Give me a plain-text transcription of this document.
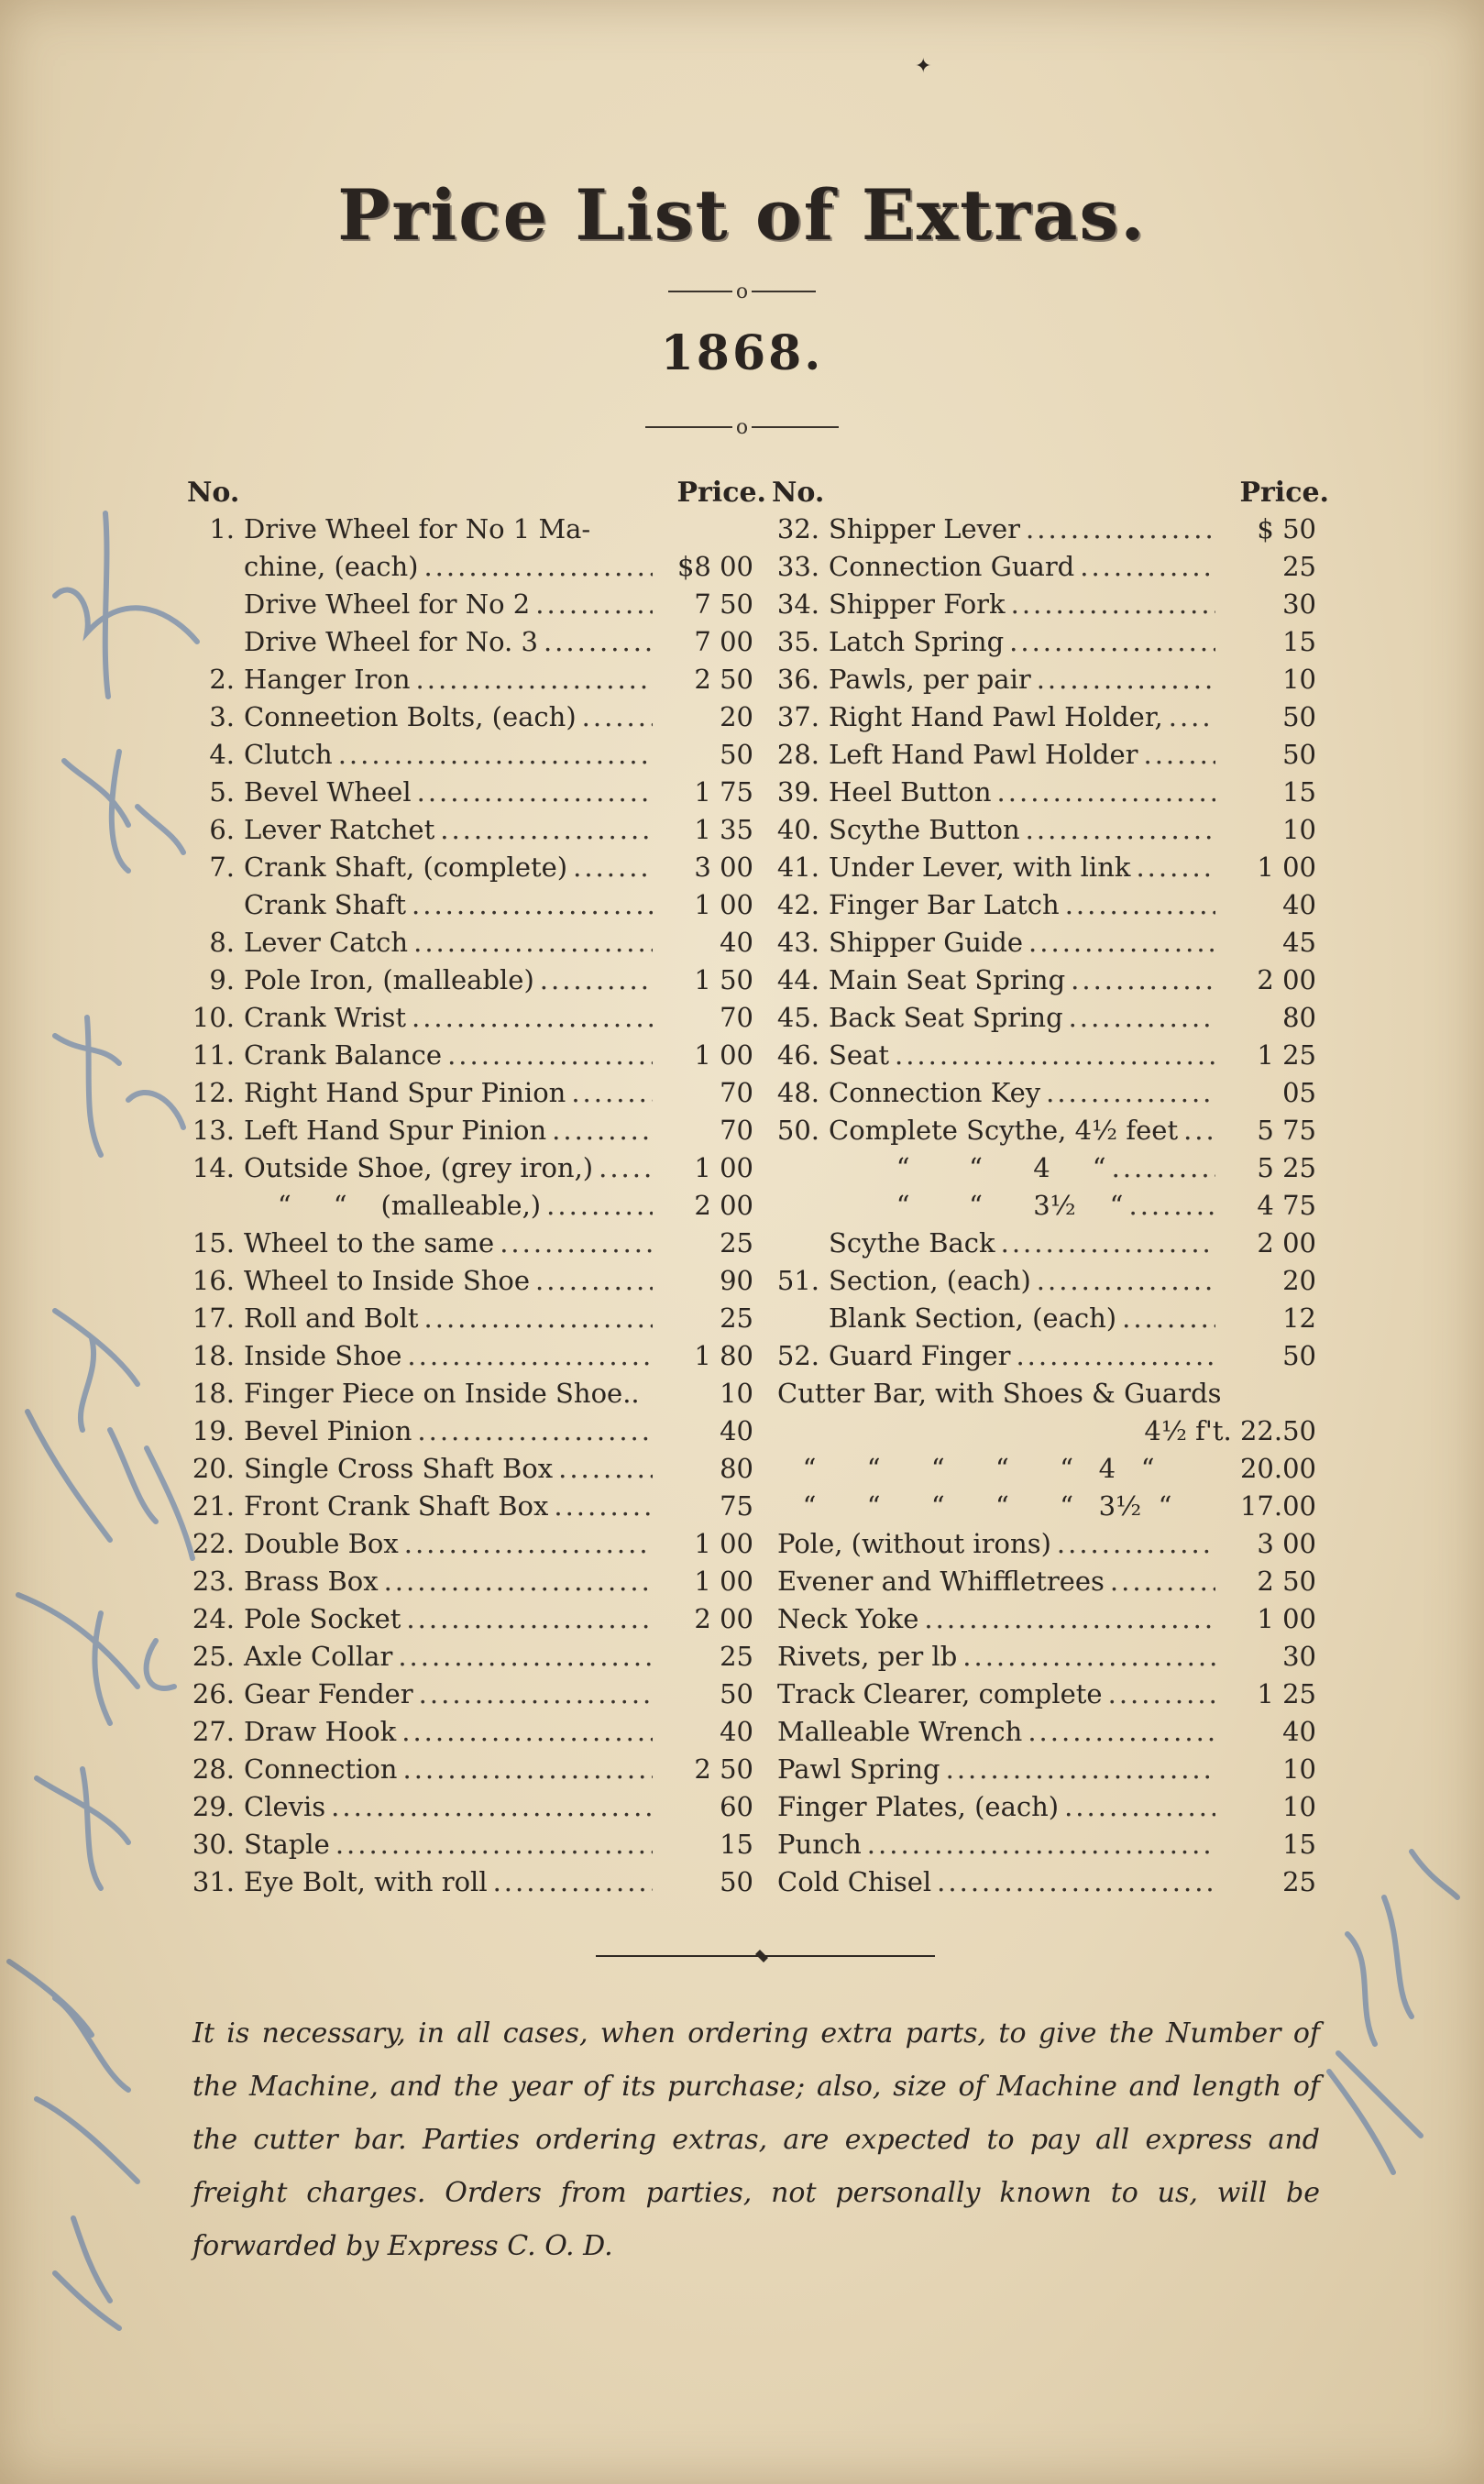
✦
Price List of Extras.
o
1868.
o
No.	Price.
1. Drive Wheel for No 1 Ma-
chine, (each) .....	$8 00
Drive Wheel for No 2 .....	7 50
Drive Wheel for No. 3 .....	7 00
2. Hanger Iron .....	2 50
3. Conneetion Bolts, (each) .....	20
4. Clutch .....	50
5. Bevel Wheel .....	1 75
6. Lever Ratchet .....	1 35
7. Crank Shaft, (complete) .....	3 00
Crank Shaft .....	1 00
8. Lever Catch .....	40
9. Pole Iron, (malleable) .....	1 50
10. Crank Wrist .....	70
11. Crank Balance .....	1 00
12. Right Hand Spur Pinion .....	70
13. Left Hand Spur Pinion .....	70
14. Outside Shoe, (grey iron,) .....	1 00
“     “    (malleable,) .....	2 00
15. Wheel to the same .....	25
16. Wheel to Inside Shoe .....	90
17. Roll and Bolt .....	25
18. Inside Shoe .....	1 80
18. Finger Piece on Inside Shoe..	10
19. Bevel Pinion .....	40
20. Single Cross Shaft Box .....	80
21. Front Crank Shaft Box .....	75
22. Double Box .....	1 00
23. Brass Box .....	1 00
24. Pole Socket .....	2 00
25. Axle Collar .....	25
26. Gear Fender .....	50
27. Draw Hook .....	40
28. Connection .....	2 50
29. Clevis .....	60
30. Staple .....	15
31. Eye Bolt, with roll .....	50
No.	Price.
32. Shipper Lever .....	$ 50
33. Connection Guard .....	25
34. Shipper Fork .....	30
35. Latch Spring .....	15
36. Pawls, per pair .....	10
37. Right Hand Pawl Holder, .....	50
28. Left Hand Pawl Holder .....	50
39. Heel Button .....	15
40. Scythe Button .....	10
41. Under Lever, with link .....	1 00
42. Finger Bar Latch .....	40
43. Shipper Guide .....	45
44. Main Seat Spring .....	2 00
45. Back Seat Spring .....	80
46. Seat .....	1 25
48. Connection Key .....	05
50. Complete Scythe, 4½ feet .....	5 75
“       “      4     “ .....	5 25
“       “      3½    “ .....	4 75
Scythe Back .....	2 00
51. Section, (each) .....	20
Blank Section, (each) .....	12
52. Guard Finger .....	50
Cutter Bar, with Shoes & Guards
4½ f't. 22.50
“      “      “      “      “   4   “	20.00
“      “      “      “      “   3½  “	17.00
Pole, (without irons) .....	3 00
Evener and Whiffletrees .....	2 50
Neck Yoke .....	1 00
Rivets, per lb .....	30
Track Clearer, complete .....	1 25
Malleable Wrench .....	40
Pawl Spring .....	10
Finger Plates, (each) .....	10
Punch .....	15
Cold Chisel .....	25
It is necessary, in all cases, when ordering extra parts, to give the Number of the Machine, and the year of its purchase; also, size of Machine and length of the cutter bar. Parties ordering extras, are expected to pay all express and freight charges. Orders from parties, not personally known to us, will be forwarded by Express C. O. D.
